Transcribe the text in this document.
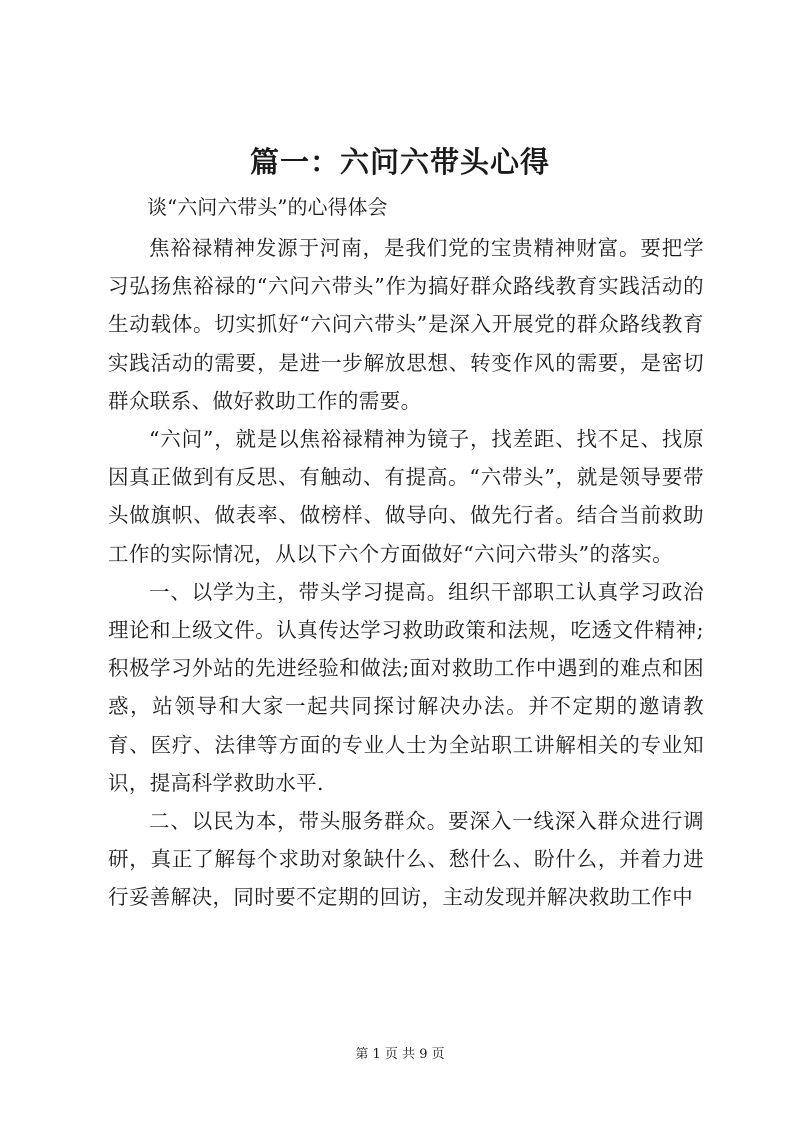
篇一：六问六带头心得

谈“六问六带头”的心得体会

焦裕禄精神发源于河南，是我们党的宝贵精神财富。要把学习弘扬焦裕禄的“六问六带头”作为搞好群众路线教育实践活动的生动载体。切实抓好“六问六带头”是深入开展党的群众路线教育实践活动的需要，是进一步解放思想、转变作风的需要，是密切群众联系、做好救助工作的需要。

“六问”，就是以焦裕禄精神为镜子，找差距、找不足、找原因真正做到有反思、有触动、有提高。“六带头”，就是领导要带头做旗帜、做表率、做榜样、做导向、做先行者。结合当前救助工作的实际情况，从以下六个方面做好“六问六带头”的落实。

一、以学为主，带头学习提高。组织干部职工认真学习政治理论和上级文件。认真传达学习救助政策和法规，吃透文件精神;积极学习外站的先进经验和做法;面对救助工作中遇到的难点和困惑，站领导和大家一起共同探讨解决办法。并不定期的邀请教育、医疗、法律等方面的专业人士为全站职工讲解相关的专业知识，提高科学救助水平.

二、以民为本，带头服务群众。要深入一线深入群众进行调研，真正了解每个求助对象缺什么、愁什么、盼什么，并着力进行妥善解决，同时要不定期的回访，主动发现并解决救助工作中

第 1 页 共 9 页
